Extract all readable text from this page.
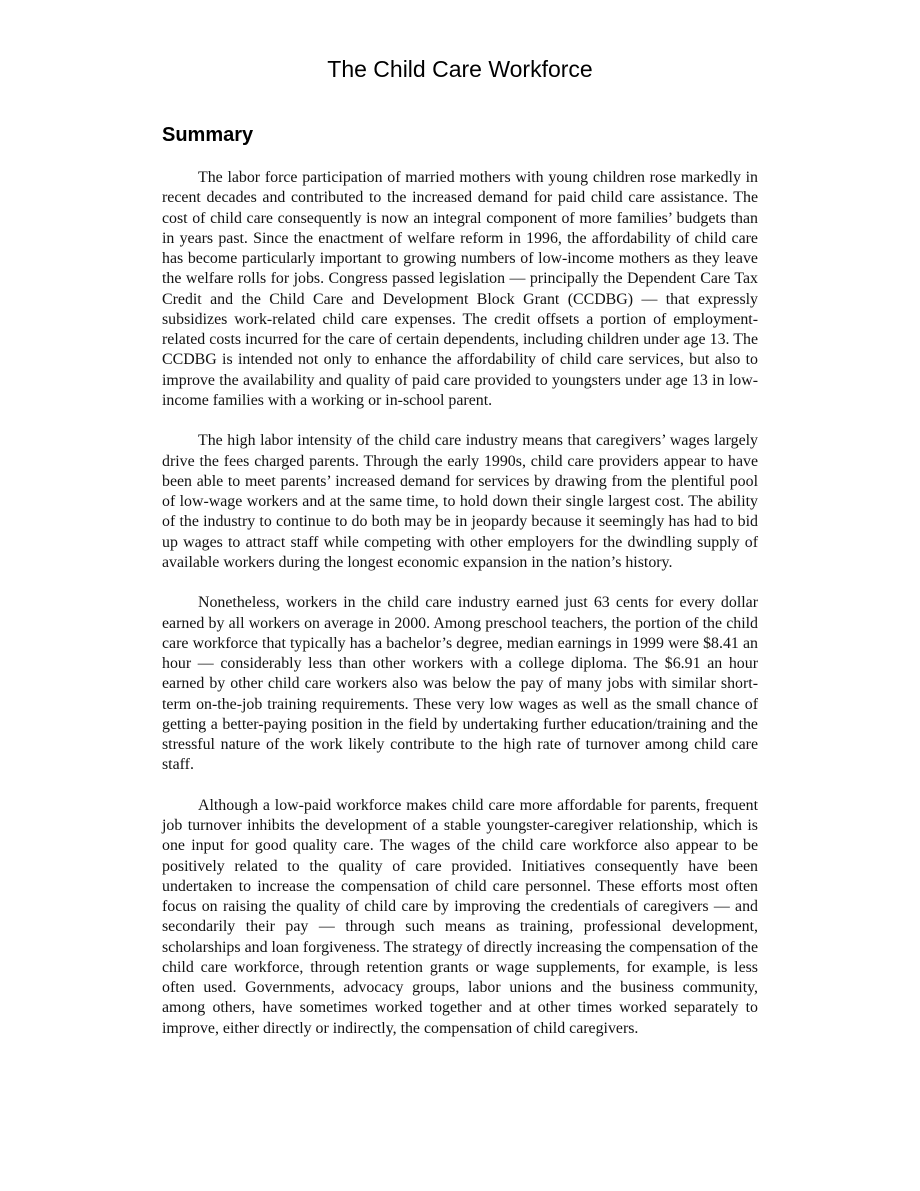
The Child Care Workforce
Summary

The labor force participation of married mothers with young children rose markedly in recent decades and contributed to the increased demand for paid child care assistance. The cost of child care consequently is now an integral component of more families’ budgets than in years past. Since the enactment of welfare reform in 1996, the affordability of child care has become particularly important to growing numbers of low-income mothers as they leave the welfare rolls for jobs. Congress passed legislation — principally the Dependent Care Tax Credit and the Child Care and Development Block Grant (CCDBG) — that expressly subsidizes work-related child care expenses. The credit offsets a portion of employment-related costs incurred for the care of certain dependents, including children under age 13. The CCDBG is intended not only to enhance the affordability of child care services, but also to improve the availability and quality of paid care provided to youngsters under age 13 in low-income families with a working or in-school parent.

The high labor intensity of the child care industry means that caregivers’ wages largely drive the fees charged parents. Through the early 1990s, child care providers appear to have been able to meet parents’ increased demand for services by drawing from the plentiful pool of low-wage workers and at the same time, to hold down their single largest cost. The ability of the industry to continue to do both may be in jeopardy because it seemingly has had to bid up wages to attract staff while competing with other employers for the dwindling supply of available workers during the longest economic expansion in the nation’s history.

Nonetheless, workers in the child care industry earned just 63 cents for every dollar earned by all workers on average in 2000. Among preschool teachers, the portion of the child care workforce that typically has a bachelor’s degree, median earnings in 1999 were $8.41 an hour — considerably less than other workers with a college diploma. The $6.91 an hour earned by other child care workers also was below the pay of many jobs with similar short-term on-the-job training requirements. These very low wages as well as the small chance of getting a better-paying position in the field by undertaking further education/training and the stressful nature of the work likely contribute to the high rate of turnover among child care staff.

Although a low-paid workforce makes child care more affordable for parents, frequent job turnover inhibits the development of a stable youngster-caregiver relationship, which is one input for good quality care. The wages of the child care workforce also appear to be positively related to the quality of care provided. Initiatives consequently have been undertaken to increase the compensation of child care personnel. These efforts most often focus on raising the quality of child care by improving the credentials of caregivers — and secondarily their pay — through such means as training, professional development, scholarships and loan forgiveness. The strategy of directly increasing the compensation of the child care workforce, through retention grants or wage supplements, for example, is less often used. Governments, advocacy groups, labor unions and the business community, among others, have sometimes worked together and at other times worked separately to improve, either directly or indirectly, the compensation of child caregivers.
